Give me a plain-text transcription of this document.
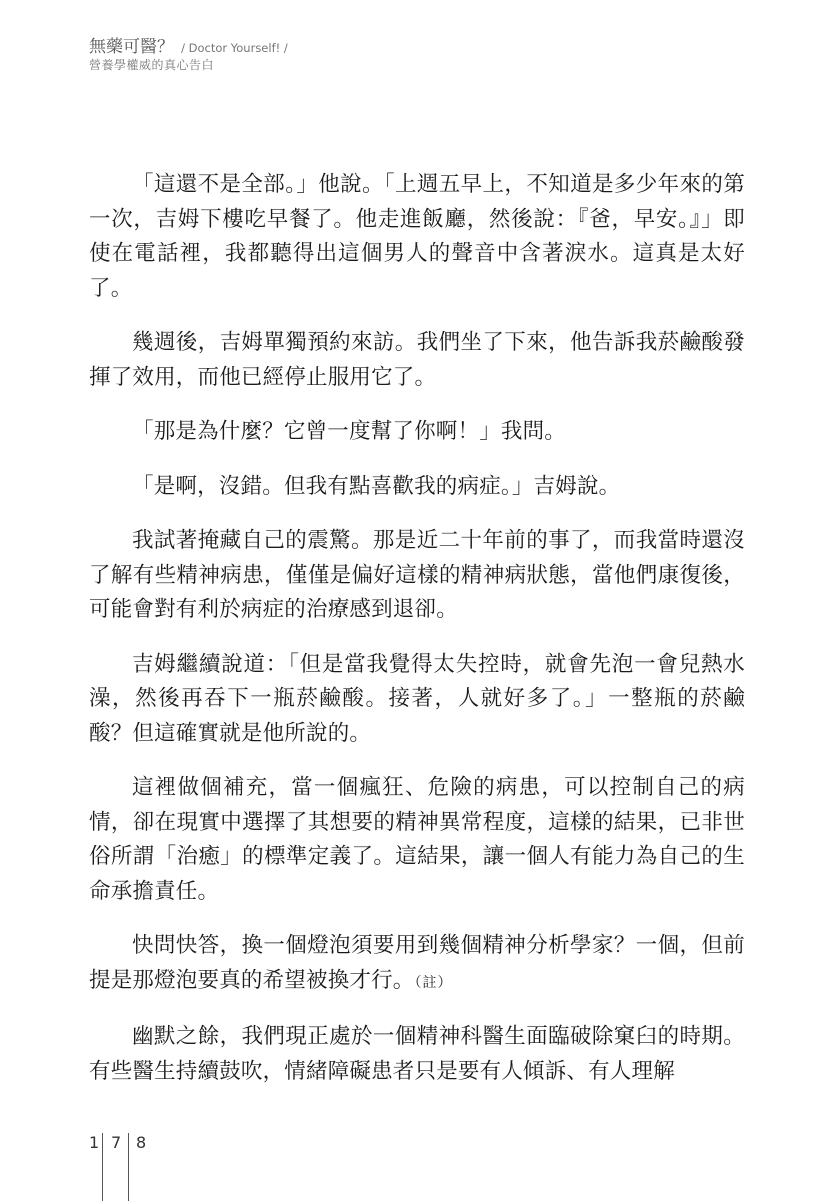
無藥可醫？ / Doctor Yourself! /
營養學權威的真心告白

「這還不是全部。」他說。「上週五早上，不知道是多少年來的第一次，吉姆下樓吃早餐了。他走進飯廳，然後說：『爸，早安。』」即使在電話裡，我都聽得出這個男人的聲音中含著淚水。這真是太好了。

幾週後，吉姆單獨預約來訪。我們坐了下來，他告訴我菸鹼酸發揮了效用，而他已經停止服用它了。

「那是為什麼？它曾一度幫了你啊！」我問。

「是啊，沒錯。但我有點喜歡我的病症。」吉姆說。

我試著掩藏自己的震驚。那是近二十年前的事了，而我當時還沒了解有些精神病患，僅僅是偏好這樣的精神病狀態，當他們康復後，可能會對有利於病症的治療感到退卻。

吉姆繼續說道：「但是當我覺得太失控時，就會先泡一會兒熱水澡，然後再吞下一瓶菸鹼酸。接著，人就好多了。」一整瓶的菸鹼酸？但這確實就是他所說的。

這裡做個補充，當一個瘋狂、危險的病患，可以控制自己的病情，卻在現實中選擇了其想要的精神異常程度，這樣的結果，已非世俗所謂「治癒」的標準定義了。這結果，讓一個人有能力為自己的生命承擔責任。

快問快答，換一個燈泡須要用到幾個精神分析學家？一個，但前提是那燈泡要真的希望被換才行。（註）

幽默之餘，我們現正處於一個精神科醫生面臨破除窠臼的時期。有些醫生持續鼓吹，情緒障礙患者只是要有人傾訴、有人理解

1 7 8
